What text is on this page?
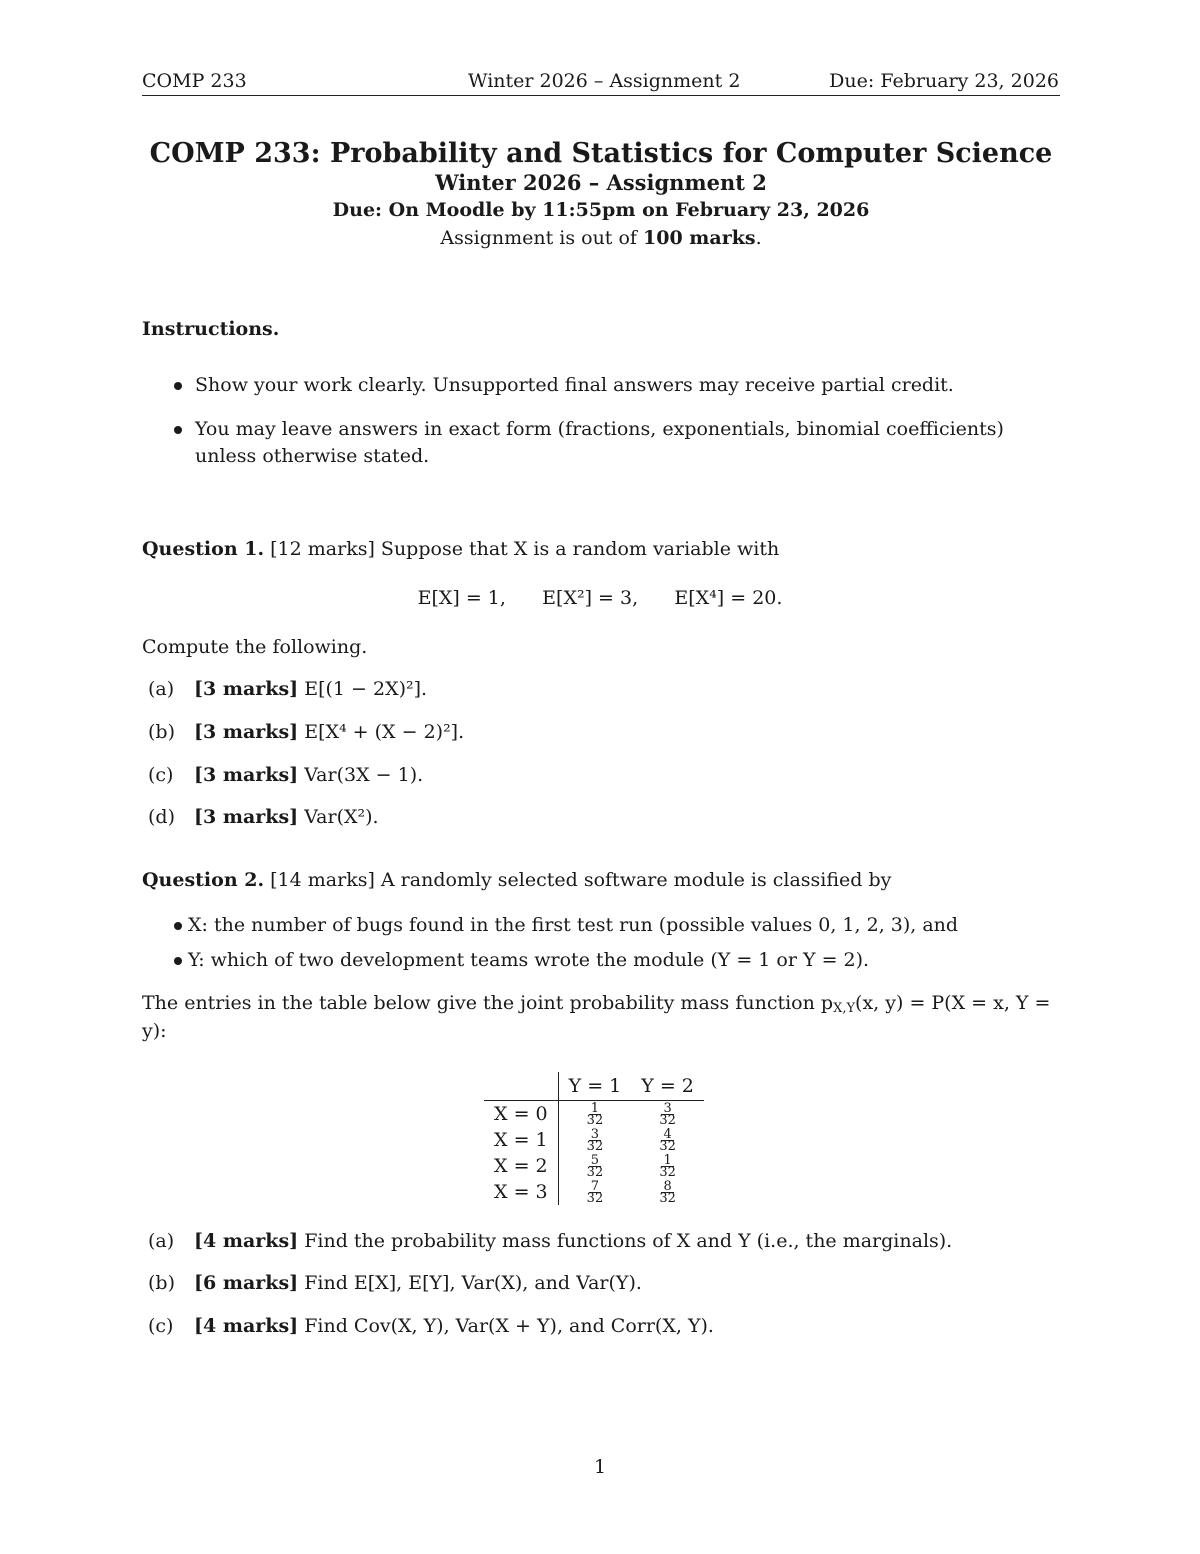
COMP 233	Winter 2026 – Assignment 2	Due: February 23, 2026
COMP 233: Probability and Statistics for Computer Science
Winter 2026 – Assignment 2
Due: On Moodle by 11:55pm on February 23, 2026
Assignment is out of 100 marks.
Instructions.
Show your work clearly. Unsupported final answers may receive partial credit.
You may leave answers in exact form (fractions, exponentials, binomial coefficients) unless otherwise stated.
Question 1. [12 marks] Suppose that X is a random variable with
E[X] = 1,      E[X²] = 3,      E[X⁴] = 20.
Compute the following.
(a) [3 marks] E[(1 − 2X)²].
(b) [3 marks] E[X⁴ + (X − 2)²].
(c) [3 marks] Var(3X − 1).
(d) [3 marks] Var(X²).
Question 2. [14 marks] A randomly selected software module is classified by
X: the number of bugs found in the first test run (possible values 0, 1, 2, 3), and
Y: which of two development teams wrote the module (Y = 1 or Y = 2).
The entries in the table below give the joint probability mass function $p_{X,Y}(x$, y) = P(X = x, Y =
y):
	Y = 1	Y = 2
X = 0	$\frac{1}{32}$	$\frac{3}{32}$

X = 1	$\frac{3}{32}$	$\frac{4}{32}$

X = 2	$\frac{5}{32}$	$\frac{1}{32}$

X = 3	$\frac{7}{32}$	$\frac{8}{32}$
(a) [4 marks] Find the probability mass functions of X and Y (i.e., the marginals).
(b) [6 marks] Find E[X], E[Y], Var(X), and Var(Y).
(c) [4 marks] Find Cov(X, Y), Var(X + Y), and Corr(X, Y).
1
